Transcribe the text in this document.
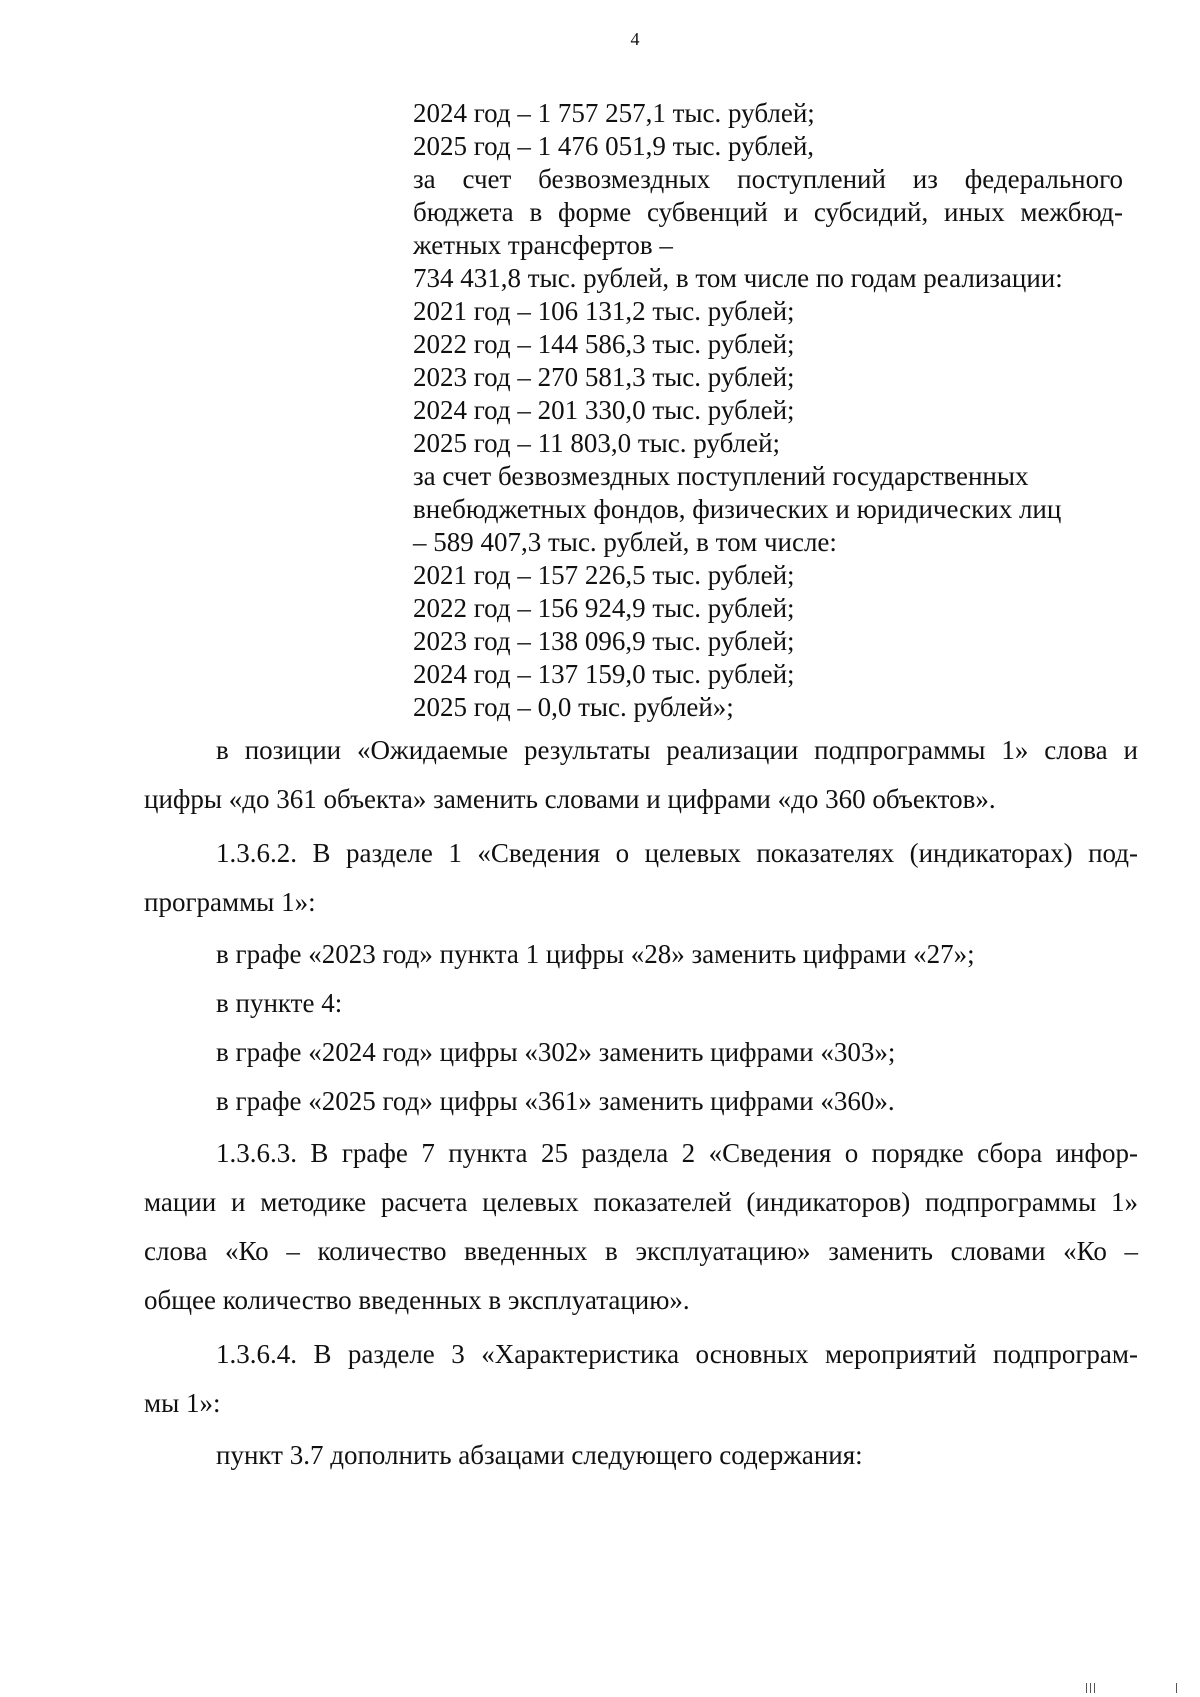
4
2024 год – 1 757 257,1 тыс. рублей;
2025 год – 1 476 051,9 тыс. рублей,
за счет безвозмездных поступлений из федерального
бюджета в форме субвенций и субсидий, иных межбюд-
жетных трансфертов –
734 431,8 тыс. рублей, в том числе по годам реализации:
2021 год – 106 131,2 тыс. рублей;
2022 год – 144 586,3 тыс. рублей;
2023 год – 270 581,3 тыс. рублей;
2024 год – 201 330,0 тыс. рублей;
2025 год – 11 803,0 тыс. рублей;
за счет безвозмездных поступлений государственных
внебюджетных фондов, физических и юридических лиц
– 589 407,3 тыс. рублей, в том числе:
2021 год – 157 226,5 тыс. рублей;
2022 год – 156 924,9 тыс. рублей;
2023 год – 138 096,9 тыс. рублей;
2024 год – 137 159,0 тыс. рублей;
2025 год – 0,0 тыс. рублей»;
в позиции «Ожидаемые результаты реализации подпрограммы 1» слова и
цифры «до 361 объекта» заменить словами и цифрами «до 360 объектов».
1.3.6.2. В разделе 1 «Сведения о целевых показателях (индикаторах) под-
программы 1»:
в графе «2023 год» пункта 1 цифры «28» заменить цифрами «27»;
в пункте 4:
в графе «2024 год» цифры «302» заменить цифрами «303»;
в графе «2025 год» цифры «361» заменить цифрами «360».
1.3.6.3. В графе 7 пункта 25 раздела 2 «Сведения о порядке сбора инфор-
мации и методике расчета целевых показателей (индикаторов) подпрограммы 1»
слова «Ко – количество введенных в эксплуатацию» заменить словами «Ко –
общее количество введенных в эксплуатацию».
1.3.6.4. В разделе 3 «Характеристика основных мероприятий подпрограм-
мы 1»:
пункт 3.7 дополнить абзацами следующего содержания:
